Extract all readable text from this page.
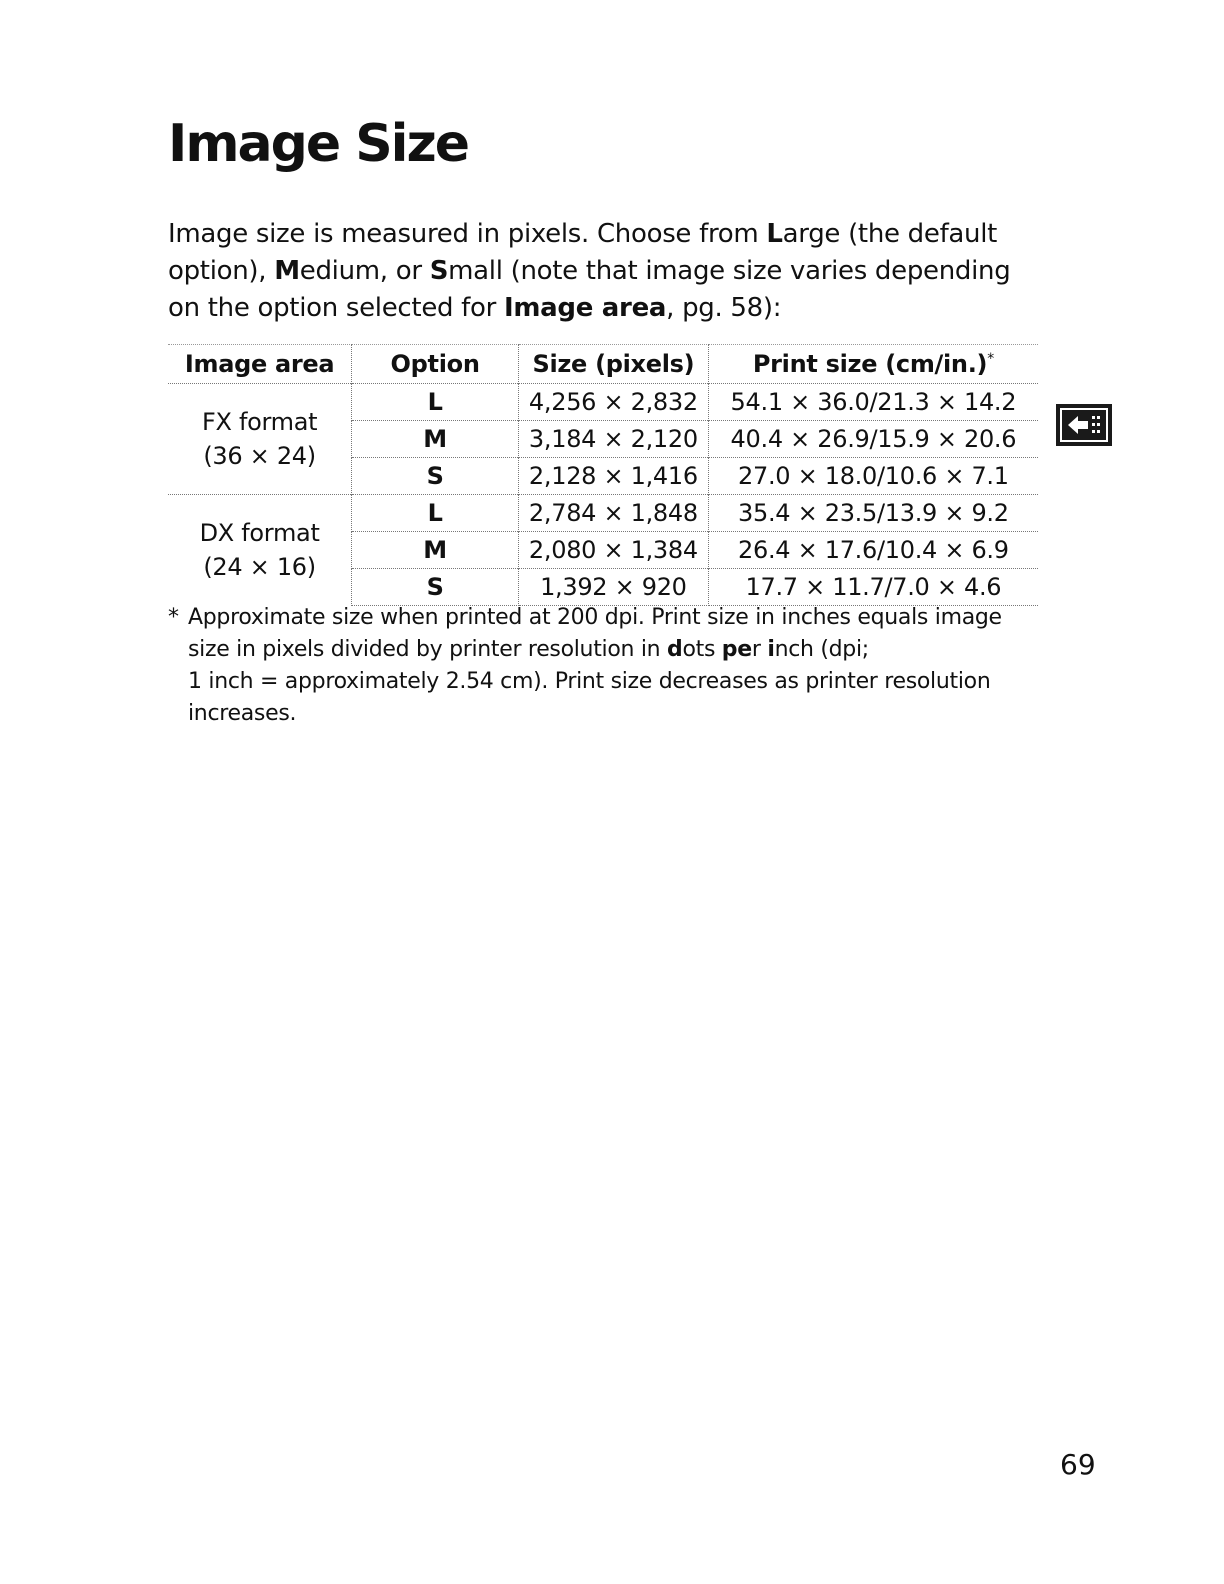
Image Size

Image size is measured in pixels. Choose from Large (the default option), Medium, or Small (note that image size varies depending on the option selected for Image area, pg. 58):

Image area	Option	Size (pixels)	Print size (cm/in.)*
FX format
(36 × 24)	L	4,256 × 2,832	54.1 × 36.0/21.3 × 14.2
	M	3,184 × 2,120	40.4 × 26.9/15.9 × 20.6
	S	2,128 × 1,416	27.0 × 18.0/10.6 × 7.1
DX format
(24 × 16)	L	2,784 × 1,848	35.4 × 23.5/13.9 × 9.2
	M	2,080 × 1,384	26.4 × 17.6/10.4 × 6.9
	S	1,392 × 920	17.7 × 11.7/7.0 × 4.6
* Approximate size when printed at 200 dpi. Print size in inches equals image size in pixels divided by printer resolution in dots per inch (dpi;
1 inch = approximately 2.54 cm). Print size decreases as printer resolution increases.

69
